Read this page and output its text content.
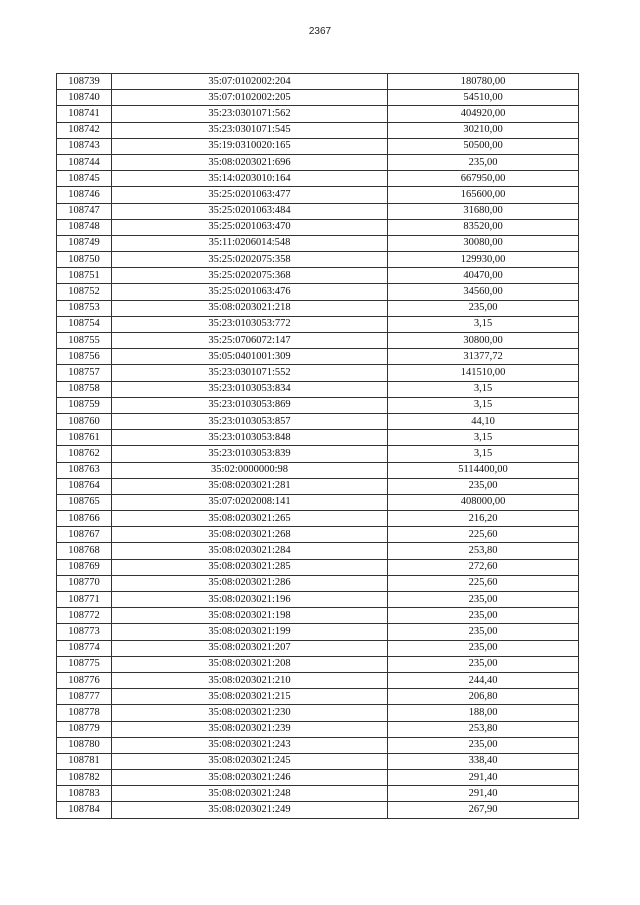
2367
108739	35:07:0102002:204	180780,00
108740	35:07:0102002:205	54510,00
108741	35:23:0301071:562	404920,00
108742	35:23:0301071:545	30210,00
108743	35:19:0310020:165	50500,00
108744	35:08:0203021:696	235,00
108745	35:14:0203010:164	667950,00
108746	35:25:0201063:477	165600,00
108747	35:25:0201063:484	31680,00
108748	35:25:0201063:470	83520,00
108749	35:11:0206014:548	30080,00
108750	35:25:0202075:358	129930,00
108751	35:25:0202075:368	40470,00
108752	35:25:0201063:476	34560,00
108753	35:08:0203021:218	235,00
108754	35:23:0103053:772	3,15
108755	35:25:0706072:147	30800,00
108756	35:05:0401001:309	31377,72
108757	35:23:0301071:552	141510,00
108758	35:23:0103053:834	3,15
108759	35:23:0103053:869	3,15
108760	35:23:0103053:857	44,10
108761	35:23:0103053:848	3,15
108762	35:23:0103053:839	3,15
108763	35:02:0000000:98	5114400,00
108764	35:08:0203021:281	235,00
108765	35:07:0202008:141	408000,00
108766	35:08:0203021:265	216,20
108767	35:08:0203021:268	225,60
108768	35:08:0203021:284	253,80
108769	35:08:0203021:285	272,60
108770	35:08:0203021:286	225,60
108771	35:08:0203021:196	235,00
108772	35:08:0203021:198	235,00
108773	35:08:0203021:199	235,00
108774	35:08:0203021:207	235,00
108775	35:08:0203021:208	235,00
108776	35:08:0203021:210	244,40
108777	35:08:0203021:215	206,80
108778	35:08:0203021:230	188,00
108779	35:08:0203021:239	253,80
108780	35:08:0203021:243	235,00
108781	35:08:0203021:245	338,40
108782	35:08:0203021:246	291,40
108783	35:08:0203021:248	291,40
108784	35:08:0203021:249	267,90
